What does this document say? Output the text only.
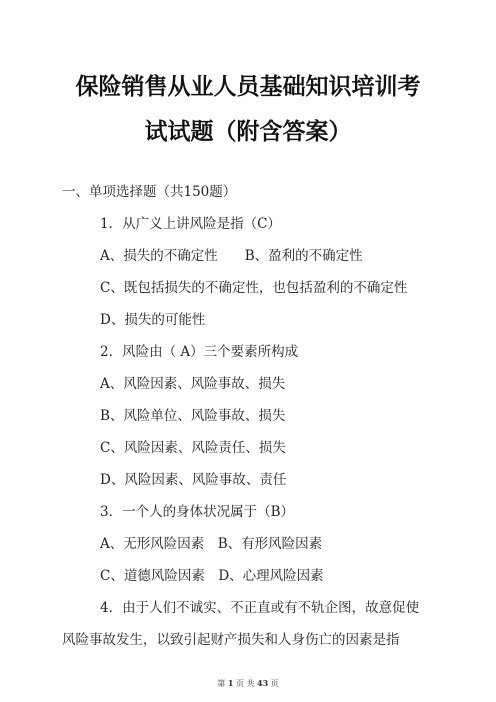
保险销售从业人员基础知识培训考
试试题（附含答案）
一、单项选择题（共150题）
1．从广义上讲风险是指（C）
A、损失的不确定性　　B、盈利的不确定性
C、既包括损失的不确定性，也包括盈利的不确定性
D、损失的可能性
2．风险由（ A）三个要素所构成
A、风险因素、风险事故、损失
B、风险单位、风险事故、损失
C、风险因素、风险责任、损失
D、风险因素、风险事故、责任
3．一个人的身体状况属于（B）
A、无形风险因素　B、有形风险因素
C、道德风险因素　D、心理风险因素
4．由于人们不诚实、不正直或有不轨企图，故意促使
风险事故发生，以致引起财产损失和人身伤亡的因素是指
第 1 页 共 43 页
